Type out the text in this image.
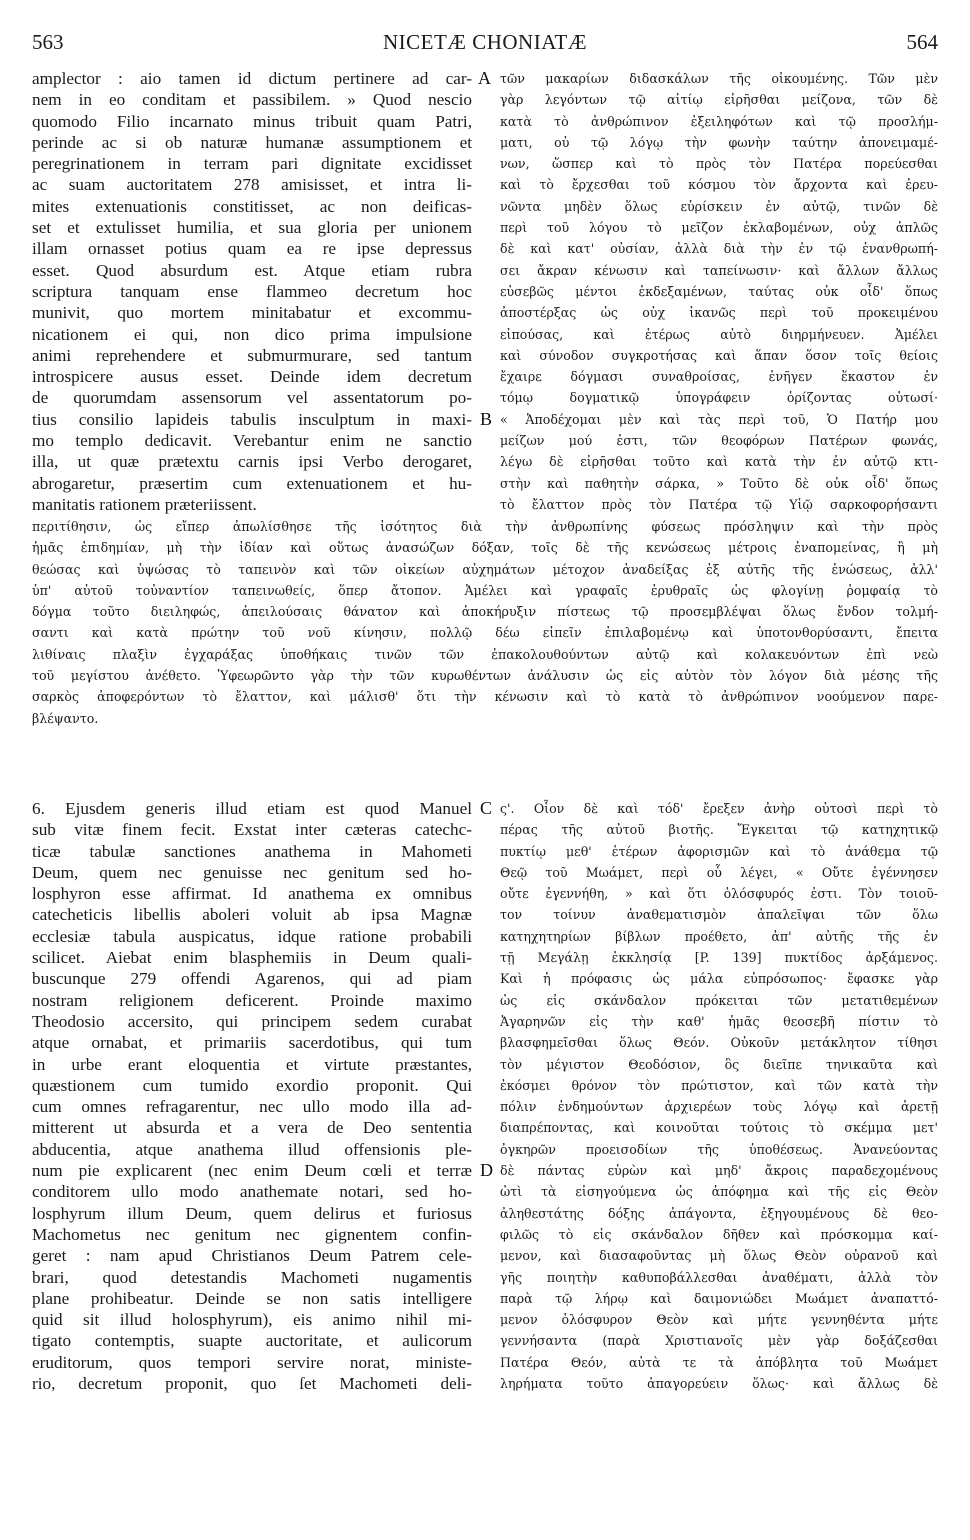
563	NICETÆ CHONIATÆ	564
amplector : aio tamen id dictum pertinere ad car-
nem in eo conditam et passibilem. » Quod nescio
quomodo Filio incarnato minus tribuit quam Patri,
perinde ac si ob naturæ humanæ assumptionem et
peregrinationem in terram pari dignitate excidisset
ac suam auctoritatem 278 amisisset, et intra li-
mites extenuationis constitisset, ac non deificas-
set et extulisset humilia, et sua gloria per unionem
illam ornasset potius quam ea re ipse depressus
esset. Quod absurdum est. Atque etiam rubra
scriptura tanquam ense flammeo decretum hoc
munivit, quo mortem minitabatur et excommu-
nicationem ei qui, non dico prima impulsione
animi reprehendere et submurmurare, sed tantum
introspicere ausus esset. Deinde idem decretum
de quorumdam assensorum vel assentatorum po-
tius consilio lapideis tabulis insculptum in maxi-
mo templo dedicavit. Verebantur enim ne sanctio
illa, ut quæ prætextu carnis ipsi Verbo derogaret,
abrogaretur, præsertim cum extenuationem et hu-
manitatis rationem præteriissent.
τῶν μακαρίων διδασκάλων τῆς οἰκουμένης. Τῶν μὲν
γὰρ λεγόντων τῷ αἰτίῳ εἰρῆσθαι μείζονα, τῶν δὲ
κατὰ τὸ ἀνθρώπινον ἐξειληφότων καὶ τῷ προσλήμ-
ματι, οὐ τῷ λόγῳ τὴν φωνὴν ταύτην ἀπονειμαμέ-
νων, ὥσπερ καὶ τὸ πρὸς τὸν Πατέρα πορεύεσθαι
καὶ τὸ ἔρχεσθαι τοῦ κόσμου τὸν ἄρχοντα καὶ ἐρευ-
νῶντα μηδὲν ὅλως εὑρίσκειν ἐν αὐτῷ, τινῶν δὲ
περὶ τοῦ λόγου τὸ μεῖζον ἐκλαβομένων, οὐχ ἁπλῶς
δὲ καὶ κατ' οὐσίαν, ἀλλὰ διὰ τὴν ἐν τῷ ἐνανθρωπή-
σει ἄκραν κένωσιν καὶ ταπείνωσιν· καὶ ἄλλων ἄλλως
εὐσεβῶς μέντοι ἐκδεξαμένων, ταύτας οὐκ οἶδ' ὅπως
ἀποστέρξας ὡς οὐχ ἱκανῶς περὶ τοῦ προκειμένου
εἰπούσας, καὶ ἑτέρως αὐτὸ διηρμήνευεν. Ἀμέλει
καὶ σύνοδον συγκροτήσας καὶ ἅπαν ὅσον τοῖς θείοις
ἔχαιρε δόγμασι συναθροίσας, ἐνῆγεν ἕκαστον ἐν
τόμῳ δογματικῷ ὑπογράφειν ὁρίζοντας οὑτωσί·
« Ἀποδέχομαι μὲν καὶ τὰς περὶ τοῦ, Ὁ Πατήρ μου
μείζων μού ἐστι, τῶν θεοφόρων Πατέρων φωνάς,
λέγω δὲ εἰρῆσθαι τοῦτο καὶ κατὰ τὴν ἐν αὐτῷ κτι-
στὴν καὶ παθητὴν σάρκα, » Τοῦτο δὲ οὐκ οἶδ' ὅπως
τὸ ἔλαττον πρὸς τὸν Πατέρα τῷ Υἱῷ σαρκοφορήσαντι
περιτίθησιν, ὡς εἴπερ ἀπωλίσθησε τῆς ἰσότητος διὰ τὴν ἀνθρωπίνης φύσεως πρόσληψιν καὶ τὴν πρὸς
ἡμᾶς ἐπιδημίαν, μὴ τὴν ἰδίαν καὶ οὕτως ἀνασώζων δόξαν, τοῖς δὲ τῆς κενώσεως μέτροις ἐναπομείνας, ἢ μὴ
θεώσας καὶ ὑψώσας τὸ ταπεινὸν καὶ τῶν οἰκείων αὐχημάτων μέτοχον ἀναδείξας ἐξ αὐτῆς τῆς ἑνώσεως, ἀλλ'
ὑπ' αὐτοῦ τοὐναντίον ταπεινωθείς, ὅπερ ἄτοπον. Ἀμέλει καὶ γραφαῖς ἐρυθραῖς ὡς φλογίνῃ ῥομφαίᾳ τὸ
δόγμα τοῦτο διειληφώς, ἀπειλούσαις θάνατον καὶ ἀποκήρυξιν πίστεως τῷ προσεμβλέψαι ὅλως ἔνδον τολμή-
σαντι καὶ κατὰ πρώτην τοῦ νοῦ κίνησιν, πολλῷ δέω εἰπεῖν ἐπιλαβομένῳ καὶ ὑποτονθορύσαντι, ἔπειτα
λιθίναις πλαξὶν ἐγχαράξας ὑποθήκαις τινῶν τῶν ἐπακολουθούντων αὐτῷ καὶ κολακευόντων ἐπὶ νεὼ
τοῦ μεγίστου ἀνέθετο. Ὑφεωρῶντο γὰρ τὴν τῶν κυρωθέντων ἀνάλυσιν ὡς εἰς αὐτὸν τὸν λόγον διὰ μέσης τῆς
σαρκὸς ἀποφερόντων τὸ ἔλαττον, καὶ μάλισθ' ὅτι τὴν κένωσιν καὶ τὸ κατὰ τὸ ἀνθρώπινον νοούμενον παρε-
βλέψαντο.
6. Ejusdem generis illud etiam est quod Manuel
sub vitæ finem fecit. Exstat inter cæteras catechc-
ticæ tabulæ sanctiones anathema in Mahometi
Deum, quem nec genuisse nec genitum sed ho-
losphyron esse affirmat. Id anathema ex omnibus
catecheticis libellis aboleri voluit ab ipsa Magnæ
ecclesiæ tabula auspicatus, idque ratione probabili
scilicet. Aiebat enim blasphemiis in Deum quali-
buscunque 279 offendi Agarenos, qui ad piam
nostram religionem deficerent. Proinde maximo
Theodosio accersito, qui principem sedem curabat
atque ornabat, et primariis sacerdotibus, qui tum
in urbe erant eloquentia et virtute præstantes,
quæstionem cum tumido exordio proponit. Qui
cum omnes refragarentur, nec ullo modo illa ad-
mitterent ut absurda et a vera de Deo sententia
abducentia, atque anathema illud offensionis ple-
num pie explicarent (nec enim Deum cœli et terræ
conditorem ullo modo anathemate notari, sed ho-
losphyrum illum Deum, quem delirus et furiosus
Machometus nec genitum nec gignentem confin-
geret : nam apud Christianos Deum Patrem cele-
brari, quod detestandis Machometi nugamentis
plane prohibeatur. Deinde se non satis intelligere
quid sit illud holosphyrum), eis animo nihil mi-
tigato contemptis, suapte auctoritate, et aulicorum
eruditorum, quos tempori servire norat, ministe-
rio, decretum proponit, quo ſet Machometi deli-
ς'. Οἷον δὲ καὶ τόδ' ἔρεξεν ἀνὴρ οὑτοσὶ περὶ τὸ
πέρας τῆς αὐτοῦ βιοτῆς. Ἔγκειται τῷ κατηχητικῷ
πυκτίῳ μεθ' ἑτέρων ἀφορισμῶν καὶ τὸ ἀνάθεμα τῷ
Θεῷ τοῦ Μωάμετ, περὶ οὗ λέγει, « Οὔτε ἐγέννησεν
οὔτε ἐγεννήθη, » καὶ ὅτι ὁλόσφυρός ἐστι. Τὸν τοιοῦ-
τον τοίνυν ἀναθεματισμὸν ἀπαλεῖψαι τῶν ὅλω
κατηχητηρίων βίβλων προέθετο, ἀπ' αὐτῆς τῆς ἐν
τῇ Μεγάλῃ ἐκκλησίᾳ [P. 139] πυκτίδος ἀρξάμενος.
Καὶ ἡ πρόφασις ὡς μάλα εὐπρόσωπος· ἔφασκε γὰρ
ὡς εἰς σκάνδαλον πρόκειται τῶν μετατιθεμένων
Ἀγαρηνῶν εἰς τὴν καθ' ἡμᾶς θεοσεβῆ πίστιν τὸ
βλασφημεῖσθαι ὅλως Θεόν. Οὐκοῦν μετάκλητον τίθησι
τὸν μέγιστον Θεοδόσιον, ὃς διεῖπε τηνικαῦτα καὶ
ἐκόσμει θρόνον τὸν πρώτιστον, καὶ τῶν κατὰ τὴν
πόλιν ἐνδημούντων ἀρχιερέων τοὺς λόγῳ καὶ ἀρετῇ
διαπρέποντας, καὶ κοινοῦται τούτοις τὸ σκέμμα μετ'
ὀγκηρῶν προεισοδίων τῆς ὑποθέσεως. Ἀνανεύοντας
δὲ πάντας εὑρὼν καὶ μηδ' ἄκροις παραδεχομένους
ὠτὶ τὰ εἰσηγούμενα ὡς ἀπόφημα καὶ τῆς εἰς Θεὸν
ἀληθεστάτης δόξης ἀπάγοντα, ἐξηγουμένους δὲ θεο-
φιλῶς τὸ εἰς σκάνδαλον δῆθεν καὶ πρόσκομμα καί-
μενον, καὶ διασαφοῦντας μὴ ὅλως Θεὸν οὐρανοῦ καὶ
γῆς ποιητὴν καθυποβάλλεσθαι ἀναθέματι, ἀλλὰ τὸν
παρὰ τῷ λήρῳ καὶ δαιμονιώδει Μωάμετ ἀναπαττό-
μενον ὁλόσφυρον Θεὸν καὶ μήτε γεννηθέντα μήτε
γεννήσαντα (παρὰ Χριστιανοῖς μὲν γὰρ δοξάζεσθαι
Πατέρα Θεόν, αὐτὰ τε τὰ ἀπόβλητα τοῦ Μωάμετ
ληρήματα τοῦτο ἀπαγορεύειν ὅλως· καὶ ἄλλως δὲ
A
B
C
D
